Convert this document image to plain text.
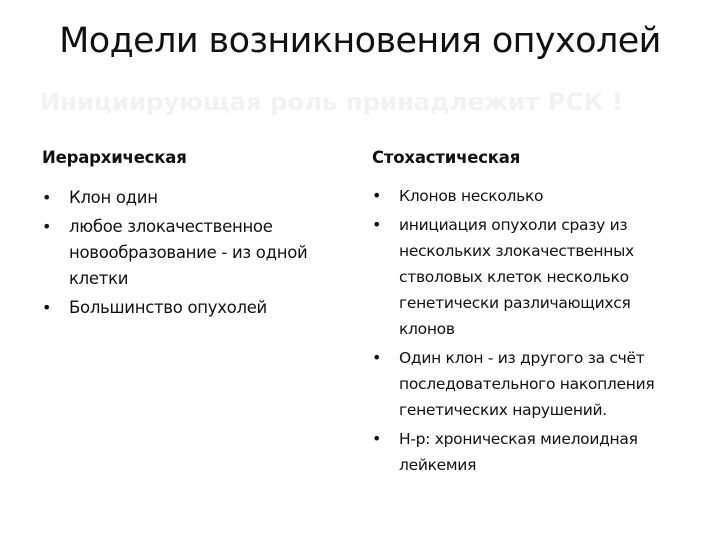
Модели возникновения опухолей
Инициирующая роль принадлежит РСК !
Иерархическая
•	Клон один
•	любое злокачественное новообразование - из одной клетки
•	Большинство опухолей
Стохастическая
•	Клонов несколько
•	инициация опухоли сразу из нескольких злокачественных стволовых клеток несколько генетически различающихся клонов
•	Один клон - из другого за счёт последовательного накопления генетических нарушений.
•	Н-р: хроническая миелоидная лейкемия
